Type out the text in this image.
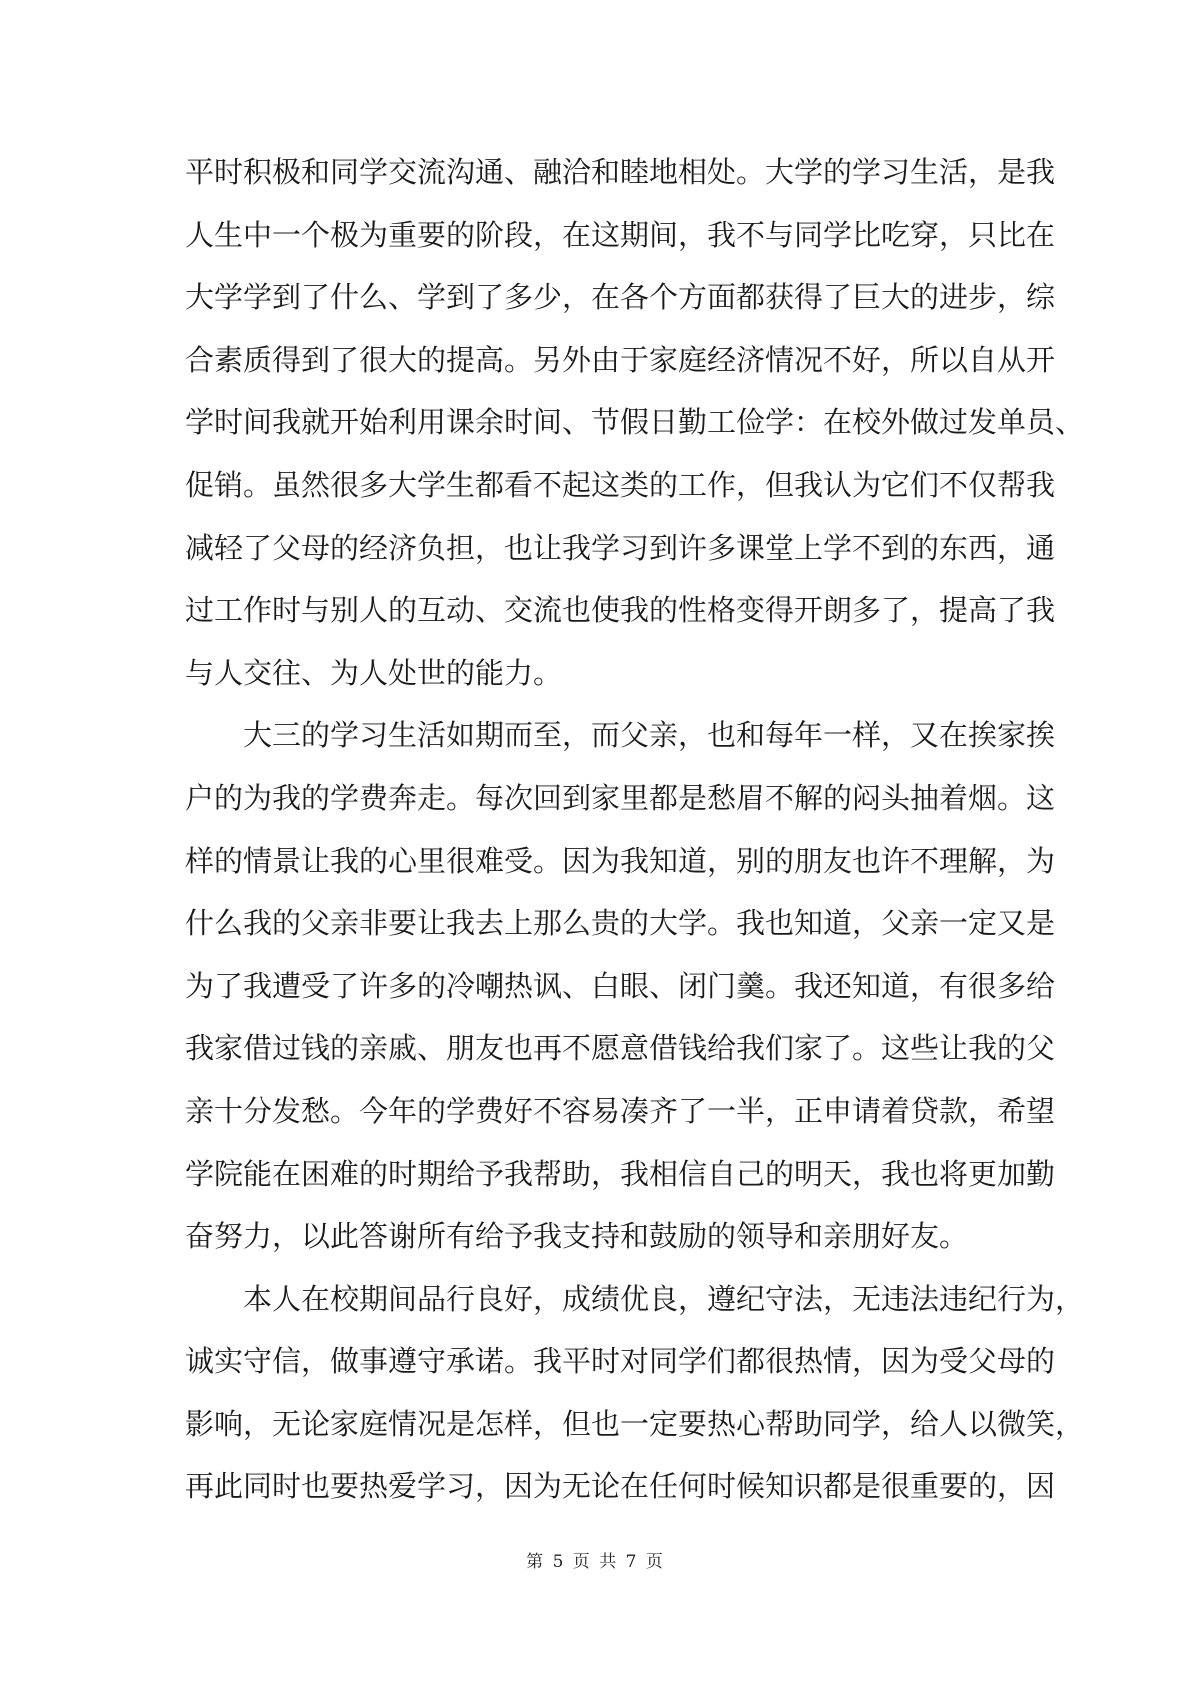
平时积极和同学交流沟通、融洽和睦地相处。大学的学习生活，是我
人生中一个极为重要的阶段，在这期间，我不与同学比吃穿，只比在
大学学到了什么、学到了多少，在各个方面都获得了巨大的进步，综
合素质得到了很大的提高。另外由于家庭经济情况不好，所以自从开
学时间我就开始利用课余时间、节假日勤工俭学：在校外做过发单员、
促销。虽然很多大学生都看不起这类的工作，但我认为它们不仅帮我
减轻了父母的经济负担，也让我学习到许多课堂上学不到的东西，通
过工作时与别人的互动、交流也使我的性格变得开朗多了，提高了我
与人交往、为人处世的能力。
大三的学习生活如期而至，而父亲，也和每年一样，又在挨家挨
户的为我的学费奔走。每次回到家里都是愁眉不解的闷头抽着烟。这
样的情景让我的心里很难受。因为我知道，别的朋友也许不理解，为
什么我的父亲非要让我去上那么贵的大学。我也知道，父亲一定又是
为了我遭受了许多的冷嘲热讽、白眼、闭门羹。我还知道，有很多给
我家借过钱的亲戚、朋友也再不愿意借钱给我们家了。这些让我的父
亲十分发愁。今年的学费好不容易凑齐了一半，正申请着贷款，希望
学院能在困难的时期给予我帮助，我相信自己的明天，我也将更加勤
奋努力，以此答谢所有给予我支持和鼓励的领导和亲朋好友。
本人在校期间品行良好，成绩优良，遵纪守法，无违法违纪行为，
诚实守信，做事遵守承诺。我平时对同学们都很热情，因为受父母的
影响，无论家庭情况是怎样，但也一定要热心帮助同学，给人以微笑，
再此同时也要热爱学习，因为无论在任何时候知识都是很重要的，因
第 5 页 共 7 页
